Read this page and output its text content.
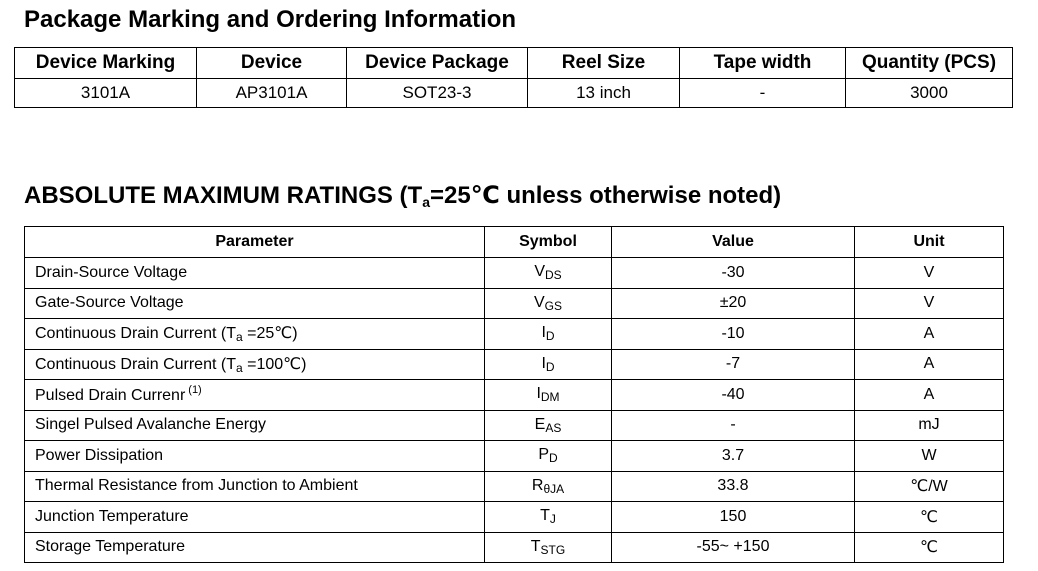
Package Marking and Ordering Information
Device Marking	Device	Device Package	Reel Size	Tape width	Quantity (PCS)
3101A	AP3101A	SOT23-3	13 inch	-	3000
ABSOLUTE MAXIMUM RATINGS ($T_a=25℃$ unless otherwise noted)
Parameter	Symbol	Value	Unit
Drain-Source Voltage	VDS	-30	V
Gate-Source Voltage	VGS	±20	V
Continuous Drain Current (Ta =25℃)	ID	-10	A
Continuous Drain Current (Ta =100℃)	ID	-7	A
Pulsed Drain Currenr $^{(1)}$	IDM	-40	A
Singel Pulsed Avalanche Energy	EAS	-	mJ
Power Dissipation	PD	3.7	W
Thermal Resistance from Junction to Ambient	RθJA	33.8	℃/W
Junction Temperature	TJ	150	℃
Storage Temperature	TSTG	-55~ +150	℃
